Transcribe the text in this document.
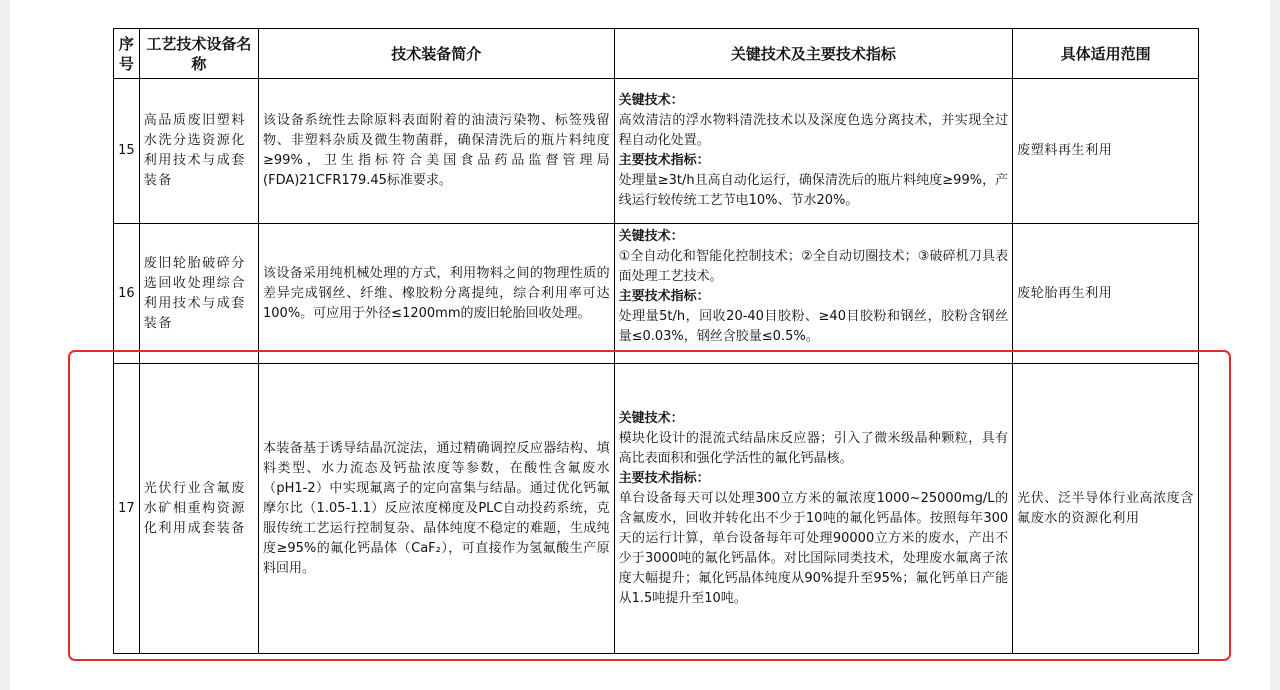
序号	工艺技术设备名称	技术装备简介	关键技术及主要技术指标	具体适用范围
15	高品质废旧塑料水洗分选资源化利用技术与成套装备	该设备系统性去除原料表面附着的油渍污染物、标签残留物、非塑料杂质及微生物菌群，确保清洗后的瓶片料纯度≥99%，卫生指标符合美国食品药品监督管理局(FDA)21CFR179.45标准要求。	关键技术：
高效清洁的浮水物料清洗技术以及深度色选分离技术，并实现全过程自动化处置。
主要技术指标：
处理量≥3t/h且高自动化运行，确保清洗后的瓶片料纯度≥99%，产线运行较传统工艺节电10%、节水20%。	废塑料再生利用
16	废旧轮胎破碎分选回收处理综合利用技术与成套装备	该设备采用纯机械处理的方式，利用物料之间的物理性质的差异完成钢丝、纤维、橡胶粉分离提纯，综合利用率可达100%。可应用于外径≤1200mm的废旧轮胎回收处理。	关键技术：
①全自动化和智能化控制技术；②全自动切圈技术；③破碎机刀具表面处理工艺技术。
主要技术指标：
处理量5t/h，回收20-40目胶粉、≥40目胶粉和钢丝，胶粉含钢丝量≤0.03%，钢丝含胶量≤0.5%。	废轮胎再生利用
17	光伏行业含氟废水矿相重构资源化利用成套装备	本装备基于诱导结晶沉淀法，通过精确调控反应器结构、填料类型、水力流态及钙盐浓度等参数，在酸性含氟废水（pH1-2）中实现氟离子的定向富集与结晶。通过优化钙氟摩尔比（1.05-1.1）反应浓度梯度及PLC自动投药系统，克服传统工艺运行控制复杂、晶体纯度不稳定的难题，生成纯度≥95%的氟化钙晶体（CaF₂），可直接作为氢氟酸生产原料回用。	关键技术：
模块化设计的混流式结晶床反应器；引入了微米级晶种颗粒，具有高比表面积和强化学活性的氟化钙晶核。
主要技术指标：
单台设备每天可以处理300立方米的氟浓度1000~25000mg/L的含氟废水，回收并转化出不少于10吨的氟化钙晶体。按照每年300天的运行计算，单台设备每年可处理90000立方米的废水，产出不少于3000吨的氟化钙晶体。对比国际同类技术，处理废水氟离子浓度大幅提升；氟化钙晶体纯度从90%提升至95%；氟化钙单日产能从1.5吨提升至10吨。	光伏、泛半导体行业高浓度含氟废水的资源化利用
